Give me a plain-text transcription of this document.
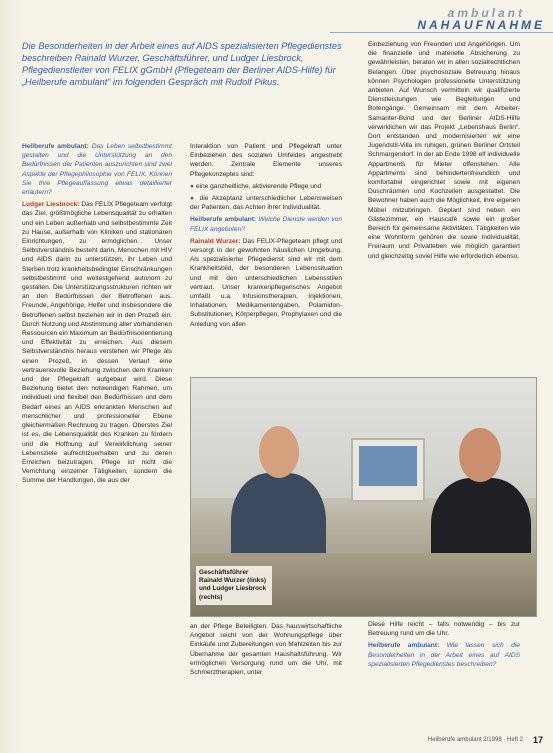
ambulant
NAHAUFNAHME
Die Besonderheiten in der Arbeit eines auf AIDS spezialisierten Pflegedienstes beschreiben Rainald Wurzer, Geschäftsführer, und Ludger Liesbrock, Pflegedienstleiter von FELIX gGmbH (Pflegeteam der Berliner AIDS-Hilfe) für „Heilberufe ambulant“ im folgenden Gespräch mit Rudolf Pikus.

Heilberufe ambulant: Das Leben selbstbestimmt gestalten und die Unterstützung an den Bedürfnissen der Patienten auszurichten sind zwei Aspekte der Pflegephilosophie von FELIX. Können Sie Ihre Pflegeauffassung etwas detaillierter erläutern?

Ludger Liesbrock: Das FELIX Pflegeteam verfolgt das Ziel, größtmögliche Lebensqualität zu erhalten und ein Leben außerhalb und selbstbestimmte Zeit zu Hause, außerhalb von Kliniken und stationären Einrichtungen, zu ermöglichen. Unser Selbstverständnis besteht darin, Menschen mit HIV und AIDS darin zu unterstützen, ihr Leben und Sterben trotz krankheitsbedingter Einschränkungen selbstbestimmt und weitestgehend autonom zu gestalten. Die Unterstützungsstrukturen richten wir an den Bedürfnissen der Betroffenen aus. Freunde, Angehörige, Helfer und insbesondere die Betroffenen selbst beziehen wir in den Prozeß ein. Durch Nutzung und Abstimmung aller vorhandenen Ressourcen ein Maximum an Bedürfnisorientierung und Effektivität zu erreichen. Aus diesem Selbstverständnis heraus verstehen wir Pflege als einen Prozeß, in dessen Verlauf eine vertrauensvolle Beziehung zwischen dem Kranken und der Pflegekraft aufgebaut wird. Diese Beziehung bietet den notwendigen Rahmen, um individuell und flexibel den Bedürfnissen und dem Bedarf eines an AIDS erkrankten Menschen auf menschlicher und professioneller Ebene gleichermaßen Rechnung zu tragen. Oberstes Ziel ist es, die Lebensqualität des Kranken zu fördern und die Hoffnung auf Verwirklichung seiner Lebensziele aufrechtzuerhalten und zu deren Erreichen beizutragen. Pflege ist nicht die Verrichtung einzelner Tätigkeiten, sondern die Summe der Handlungen, die aus der

Interaktion von Patient und Pflegekraft unter Einbeziehen des sozialen Umfeldes angestrebt werden. Zentrale Elemente unseres Pflegekonzeptes sind:

● eine ganzheitliche, aktivierende Pflege und

● die Akzeptanz unterschiedlicher Lebensweisen der Patienten, das Achten ihrer Individualität.

Heilberufe ambulant: Welche Dienste werden von FELIX angeboten?

Rainald Wurzer: Das FELIX-Pflegeteam pflegt und versorgt in der gewohnten häuslichen Umgebung. Als spezialisierter Pflegedienst sind wir mit dem Krankheitsbild, der besonderen Lebenssituation und mit den unterschiedlichen Lebensstilen vertraut. Unser krankenpflegerisches Angebot umfaßt u.a. Infusionstherapien, Injektionen, Inhalationen, Medikamentengaben, Polamidon-Substitutionen, Körperpflegen, Prophylaxen und die Anleitung von allen

Einbeziehung von Freunden und Angehörigen. Um die finanzielle und materielle Absicherung zu gewährleisten, beraten wir in allen sozialrechtlichen Belangen. Über psychosoziale Betreuung hinaus können Psychologen professionelle Unterstützung anbieten. Auf Wunsch vermitteln wir qualifizierte Dienstleistungen wie Begleitungen und Botengänge. Gemeinsam mit dem Arbeiter-Samariter-Bund und der Berliner AIDS-Hilfe verwirklichen wir das Projekt „Lebenshaus Berlin“. Dort entstanden und modernisierten wir eine Jugendstil-Villa im ruhigen, grünen Berliner Ortsteil Schmargendorf. In der ab Ende 1998 elf individuelle Appartments für Mieter offenstehen. Alle Appartments sind behindertenfreundlich und komfortabel eingerichtet sowie mit eigenen Duschräumen und Kochzeilen ausgestattet. Die Bewohner haben auch die Möglichkeit, ihre eigenen Möbel mitzubringen. Geplant sind neben ein Gästezimmer, ein Hauscafé sowie ein großer Bereich für gemeinsame Aktivitäten. Tätigkeiten wie eine Wohnform gehören die sowie Individualität, Freiraum und Privatleben wie möglich garantiert und gleichzeitig soviel Hilfe wie erforderlich ebenso.

Geschäftsführer Rainald Wurzer (links) und Ludger Liesbrock (rechts)

an der Pflege Beteiligten. Das hauswirtschaftliche Angebot reicht von der Wohnungspflege über Einkäufe und Zubereitungen von Mahlzeiten bis zur Übernahme der gesamten Haushaltsführung. Wir ermöglichen Versorgung rund um die Uhr, mit Schmerztherapien, unter

Diese Hilfe reicht – falls notwendig – bis zur Betreuung rund um die Uhr.

Heilberufe ambulant: Wie lassen sich die Besonderheiten in der Arbeit eines auf AIDS spezialisierten Pflegedienstes beschreiben?

Heilberufe ambulant 2/1998 · Heft 2 17
